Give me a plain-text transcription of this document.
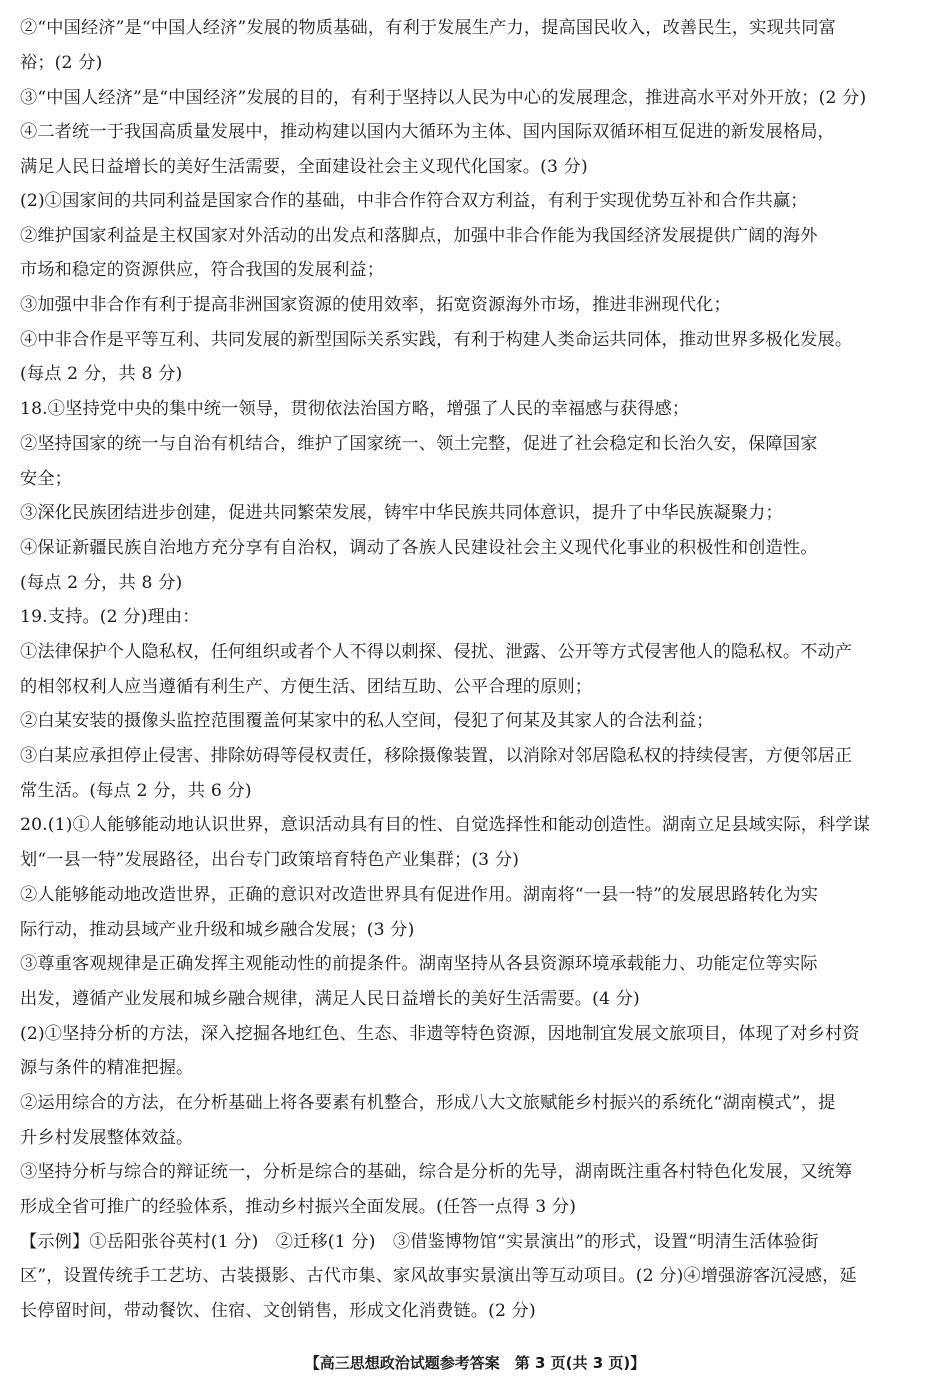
②“中国经济”是“中国人经济”发展的物质基础，有利于发展生产力，提高国民收入，改善民生，实现共同富
裕；(2 分)
③“中国人经济”是“中国经济”发展的目的，有利于坚持以人民为中心的发展理念，推进高水平对外开放；(2 分)
④二者统一于我国高质量发展中，推动构建以国内大循环为主体、国内国际双循环相互促进的新发展格局，
满足人民日益增长的美好生活需要，全面建设社会主义现代化国家。(3 分)
(2)①国家间的共同利益是国家合作的基础，中非合作符合双方利益，有利于实现优势互补和合作共赢；
②维护国家利益是主权国家对外活动的出发点和落脚点，加强中非合作能为我国经济发展提供广阔的海外
市场和稳定的资源供应，符合我国的发展利益；
③加强中非合作有利于提高非洲国家资源的使用效率，拓宽资源海外市场，推进非洲现代化；
④中非合作是平等互利、共同发展的新型国际关系实践，有利于构建人类命运共同体，推动世界多极化发展。
(每点 2 分，共 8 分)
18.①坚持党中央的集中统一领导，贯彻依法治国方略，增强了人民的幸福感与获得感；
②坚持国家的统一与自治有机结合，维护了国家统一、领土完整，促进了社会稳定和长治久安，保障国家
安全；
③深化民族团结进步创建，促进共同繁荣发展，铸牢中华民族共同体意识，提升了中华民族凝聚力；
④保证新疆民族自治地方充分享有自治权，调动了各族人民建设社会主义现代化事业的积极性和创造性。
(每点 2 分，共 8 分)
19.支持。(2 分)理由：
①法律保护个人隐私权，任何组织或者个人不得以刺探、侵扰、泄露、公开等方式侵害他人的隐私权。不动产
的相邻权利人应当遵循有利生产、方便生活、团结互助、公平合理的原则；
②白某安装的摄像头监控范围覆盖何某家中的私人空间，侵犯了何某及其家人的合法利益；
③白某应承担停止侵害、排除妨碍等侵权责任，移除摄像装置，以消除对邻居隐私权的持续侵害，方便邻居正
常生活。(每点 2 分，共 6 分)
20.(1)①人能够能动地认识世界，意识活动具有目的性、自觉选择性和能动创造性。湖南立足县域实际，科学谋
划“一县一特”发展路径，出台专门政策培育特色产业集群；(3 分)
②人能够能动地改造世界，正确的意识对改造世界具有促进作用。湖南将“一县一特”的发展思路转化为实
际行动，推动县域产业升级和城乡融合发展；(3 分)
③尊重客观规律是正确发挥主观能动性的前提条件。湖南坚持从各县资源环境承载能力、功能定位等实际
出发，遵循产业发展和城乡融合规律，满足人民日益增长的美好生活需要。(4 分)
(2)①坚持分析的方法，深入挖掘各地红色、生态、非遗等特色资源，因地制宜发展文旅项目，体现了对乡村资
源与条件的精准把握。
②运用综合的方法，在分析基础上将各要素有机整合，形成八大文旅赋能乡村振兴的系统化“湖南模式”，提
升乡村发展整体效益。
③坚持分析与综合的辩证统一，分析是综合的基础，综合是分析的先导，湖南既注重各村特色化发展，又统筹
形成全省可推广的经验体系，推动乡村振兴全面发展。(任答一点得 3 分)
【示例】①岳阳张谷英村(1 分)　②迁移(1 分)　③借鉴博物馆“实景演出”的形式，设置“明清生活体验街
区”，设置传统手工艺坊、古装摄影、古代市集、家风故事实景演出等互动项目。(2 分)④增强游客沉浸感，延
长停留时间，带动餐饮、住宿、文创销售，形成文化消费链。(2 分)
【高三思想政治试题参考答案　第 3 页(共 3 页)】
